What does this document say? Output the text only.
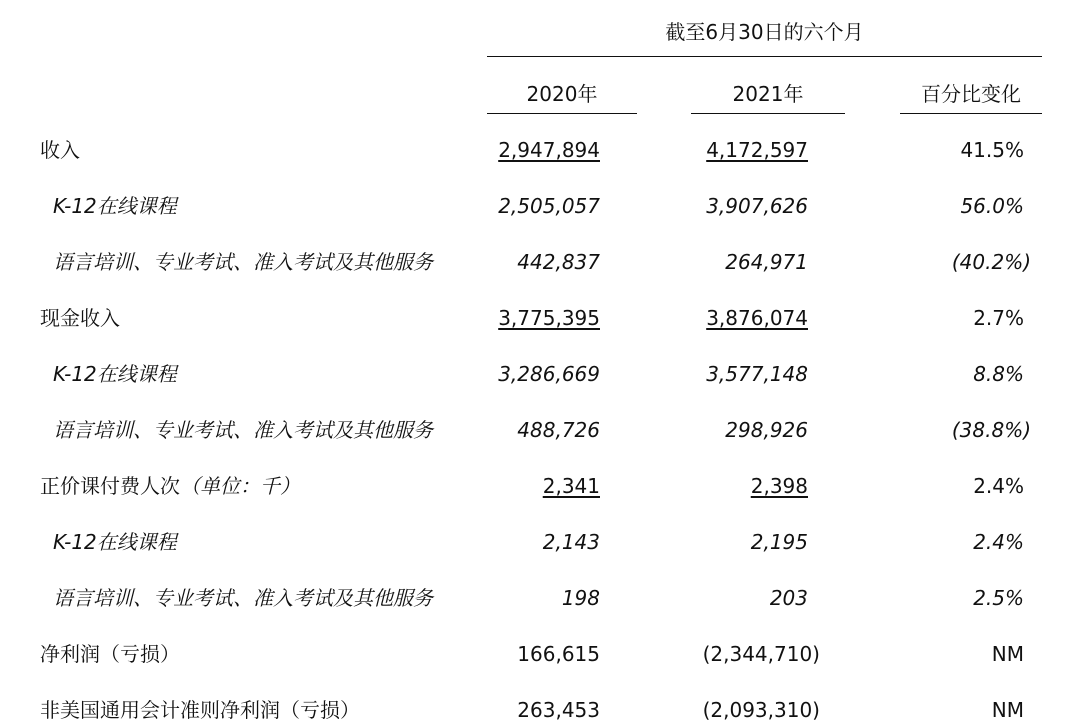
截至6月30日的六个月
2020年	2021年	百分比变化
收入	2,947,894	4,172,597	41.5%
K-12在线课程	2,505,057	3,907,626	56.0%
语言培训、专业考试、准入考试及其他服务	442,837	264,971	(40.2%)
现金收入	3,775,395	3,876,074	2.7%
K-12在线课程	3,286,669	3,577,148	8.8%
语言培训、专业考试、准入考试及其他服务	488,726	298,926	(38.8%)
正价课付费人次（单位：千）	2,341	2,398	2.4%
K-12在线课程	2,143	2,195	2.4%
语言培训、专业考试、准入考试及其他服务	198	203	2.5%
净利润（亏损）	166,615	(2,344,710)	NM
非美国通用会计准则净利润（亏损）	263,453	(2,093,310)	NM
